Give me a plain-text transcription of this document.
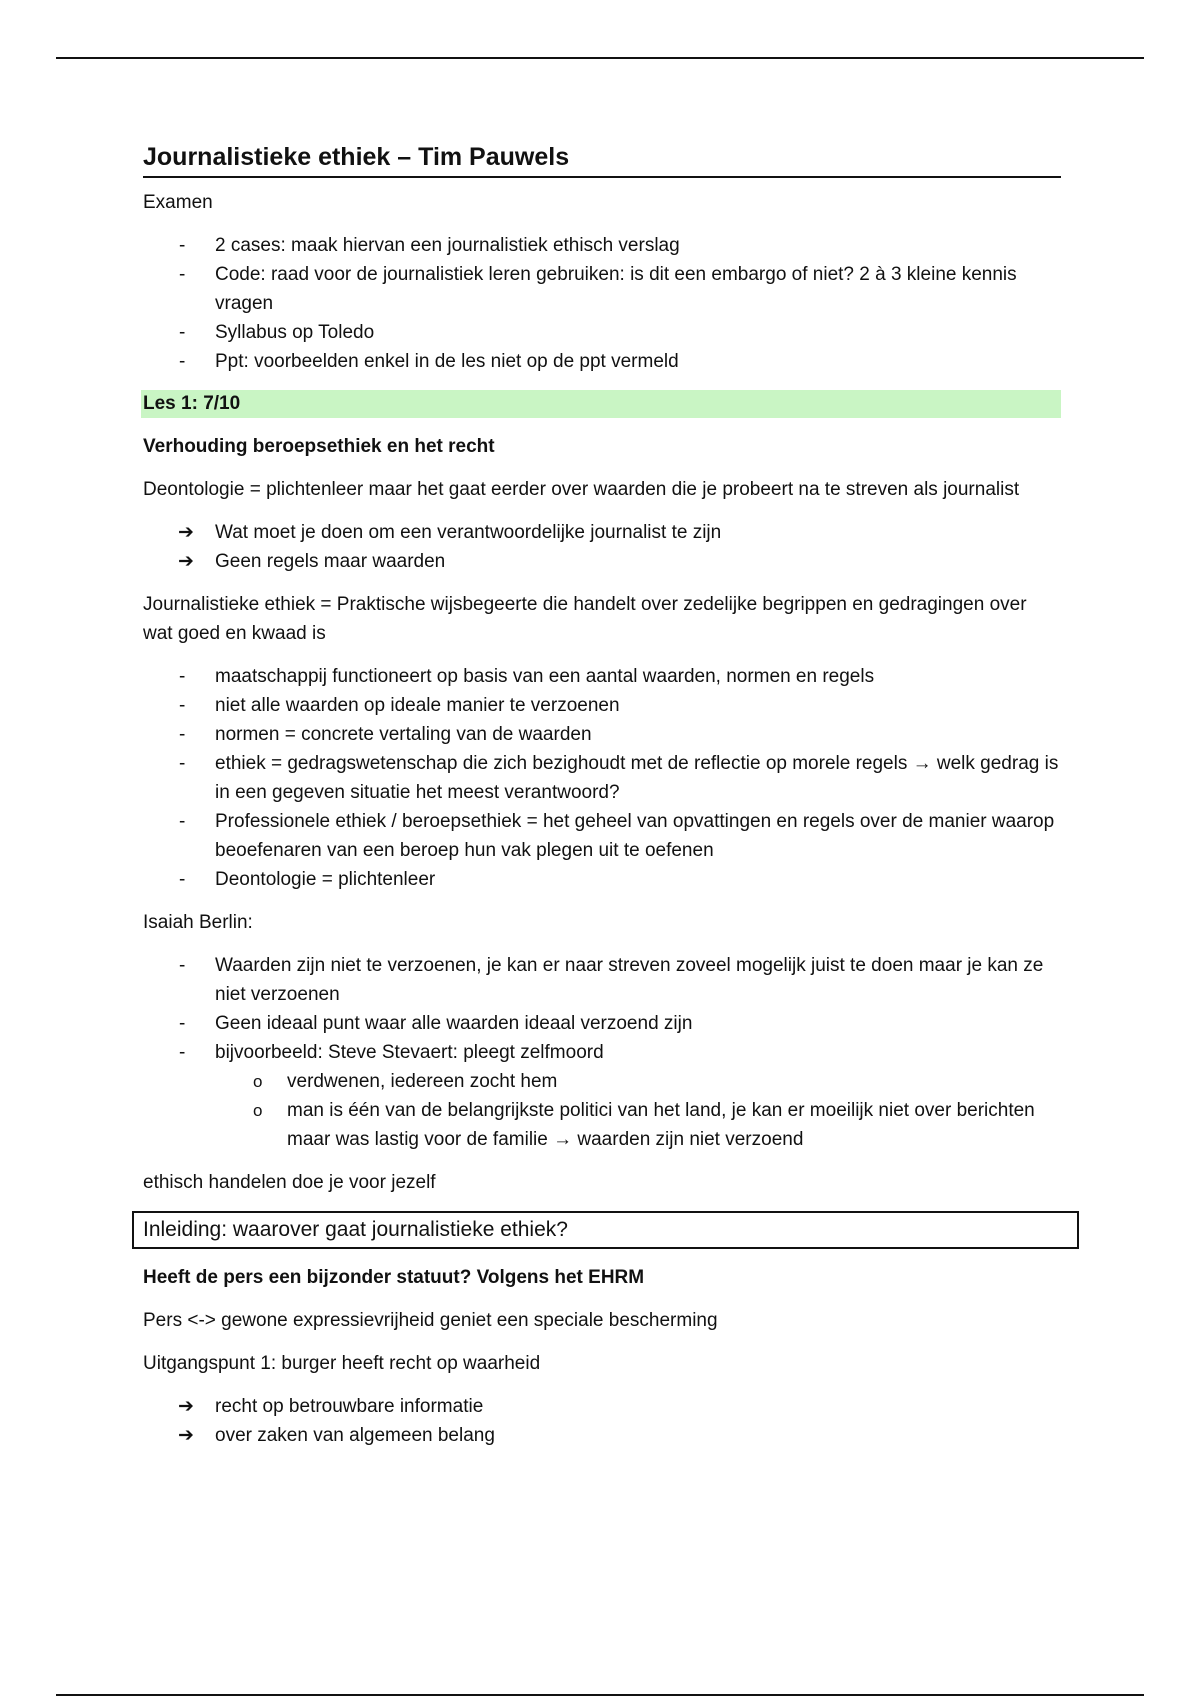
Journalistieke ethiek – Tim Pauwels

Examen

- 2 cases: maak hiervan een journalistiek ethisch verslag
- Code: raad voor de journalistiek leren gebruiken: is dit een embargo of niet? 2 à 3 kleine kennis vragen
- Syllabus op Toledo
- Ppt: voorbeelden enkel in de les niet op de ppt vermeld
Les 1: 7/10

Verhouding beroepsethiek en het recht

Deontologie = plichtenleer maar het gaat eerder over waarden die je probeert na te streven als journalist

➔ Wat moet je doen om een verantwoordelijke journalist te zijn
➔ Geen regels maar waarden

Journalistieke ethiek = Praktische wijsbegeerte die handelt over zedelijke begrippen en gedragingen over wat goed en kwaad is

- maatschappij functioneert op basis van een aantal waarden, normen en regels
- niet alle waarden op ideale manier te verzoenen
- normen = concrete vertaling van de waarden
- ethiek = gedragswetenschap die zich bezighoudt met de reflectie op morele regels → welk gedrag is in een gegeven situatie het meest verantwoord?
- Professionele ethiek / beroepsethiek = het geheel van opvattingen en regels over de manier waarop beoefenaren van een beroep hun vak plegen uit te oefenen
- Deontologie = plichtenleer

Isaiah Berlin:

- Waarden zijn niet te verzoenen, je kan er naar streven zoveel mogelijk juist te doen maar je kan ze niet verzoenen
- Geen ideaal punt waar alle waarden ideaal verzoend zijn
- bijvoorbeeld: Steve Stevaert: pleegt zelfmoord
o verdwenen, iedereen zocht hem
o man is één van de belangrijkste politici van het land, je kan er moeilijk niet over berichten maar was lastig voor de familie → waarden zijn niet verzoend

ethisch handelen doe je voor jezelf

Inleiding: waarover gaat journalistieke ethiek?

Heeft de pers een bijzonder statuut? Volgens het EHRM

Pers <-> gewone expressievrijheid geniet een speciale bescherming

Uitgangspunt 1: burger heeft recht op waarheid

➔ recht op betrouwbare informatie
➔ over zaken van algemeen belang
